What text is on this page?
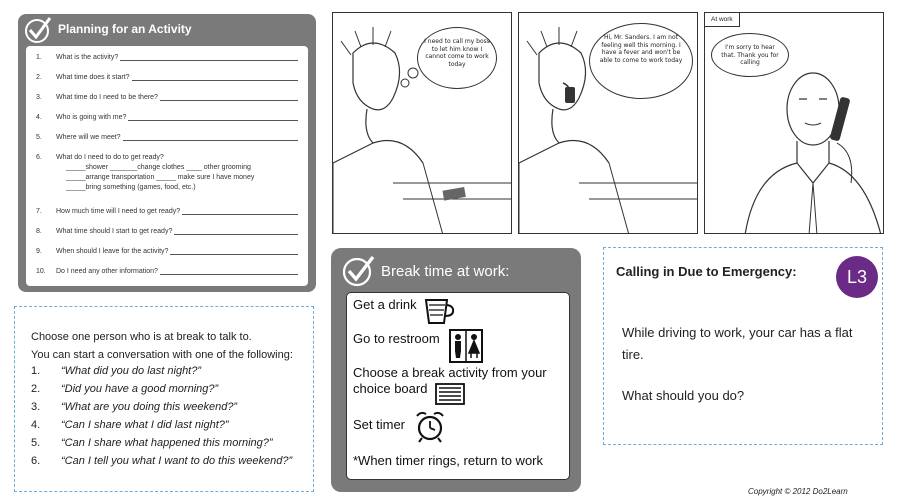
Planning for an Activity
1.	What is the activity?
2.	What time does it start?
3.	What time do I need to be there?
4.	Who is going with me?
5.	Where will we meet?
6.	What do I need to do to get ready?
_____shower _______change clothes ____ other grooming
_____arrange transportation _____ make sure I have money
_____bring something (games, food, etc.)
7.	How much time will I need to get ready?
8.	What time should I start to get ready?
9.	When should I leave for the activity?
10.	Do I need any other information?
Choose one person who is at break to talk to.
You can start a conversation with one of the following:
1.	“What did you do last night?”
2.	“Did you have a good morning?”
3.	“What are you doing this weekend?”
4.	“Can I share what I did last night?”
5.	“Can I share what happened this morning?”
6.	“Can I tell you what I want to do this weekend?”
I need to call my boss to let him know I cannot come to work today
Hi, Mr. Sanders. I am not feeling well this morning. I have a fever and won't be able to come to work today
At work
I'm sorry to hear that. Thank you for calling
Break time at work:
Get a drink
Go to restroom
Choose a break activity from your
choice board
Set timer
*When timer rings, return to work
Calling in Due to Emergency:	L3
While driving to work, your car has a flat tire.
What should you do?
Copyright © 2012 Do2Learn
